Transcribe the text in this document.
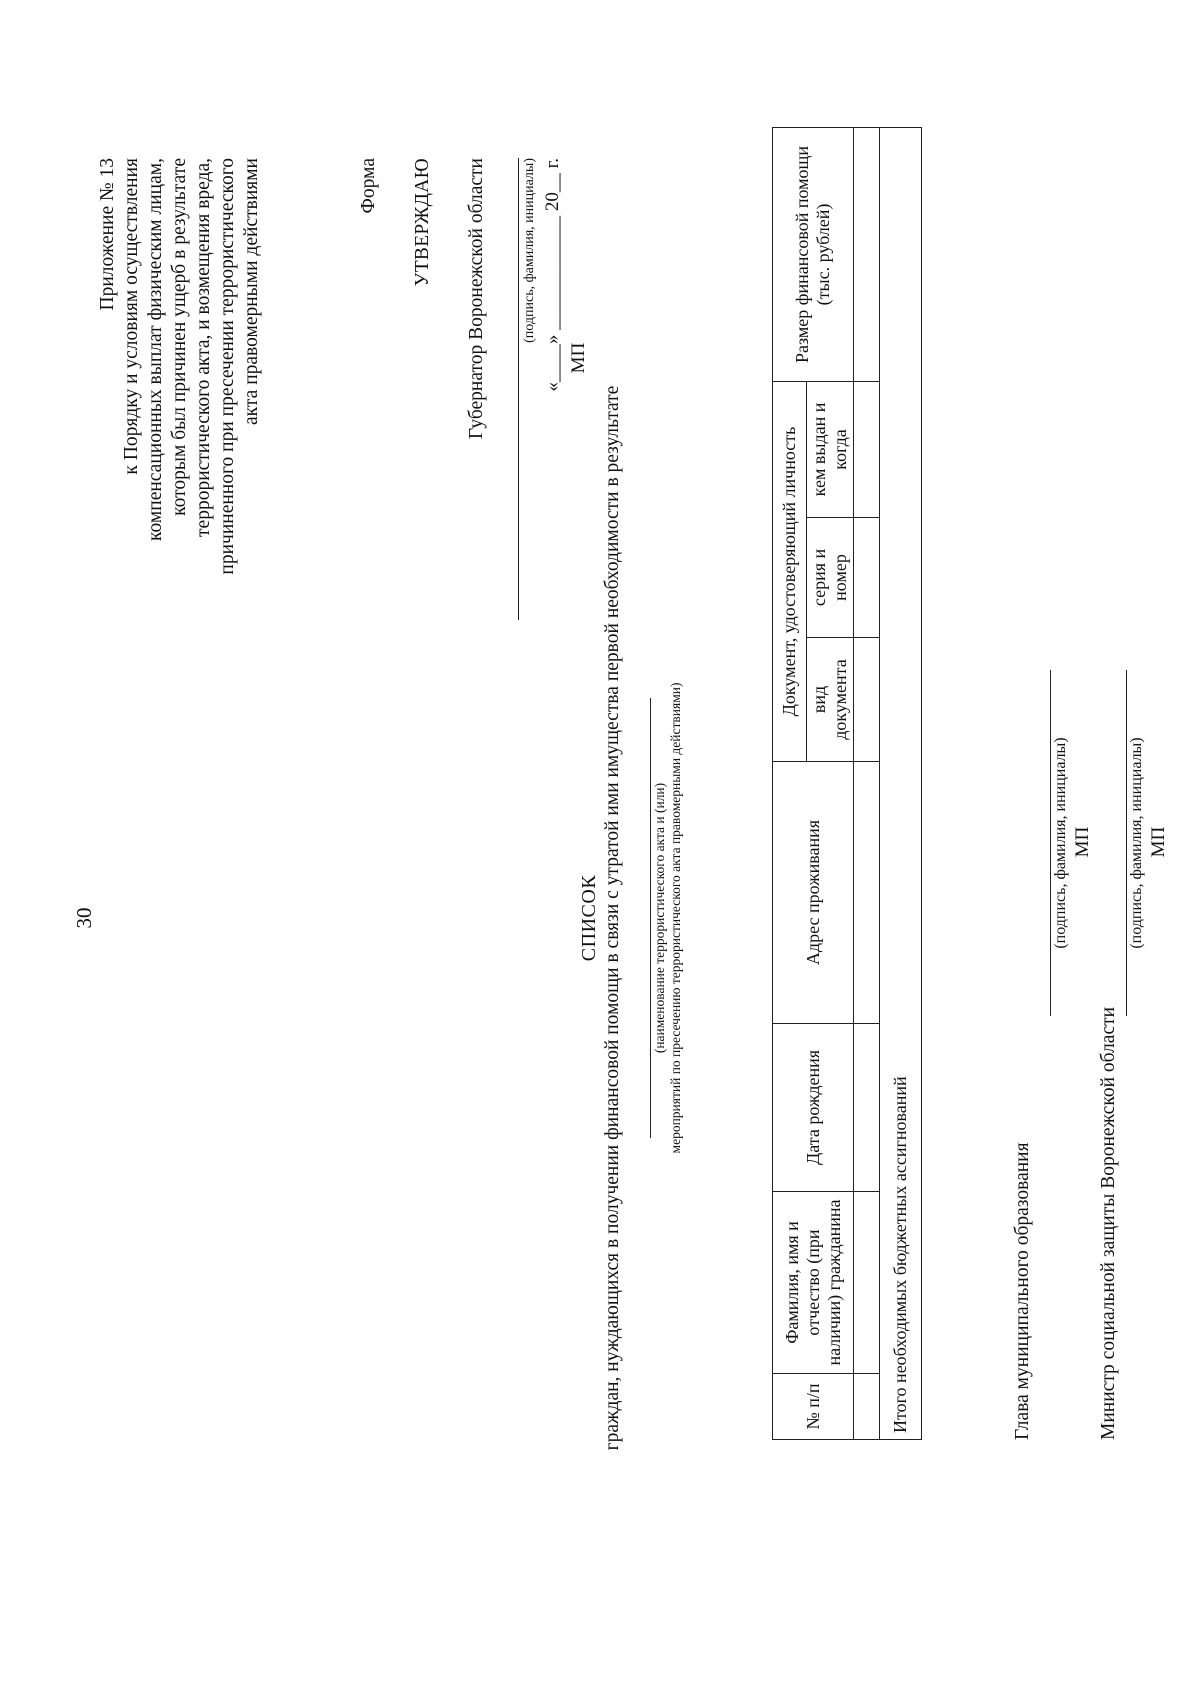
30
Приложение № 13 к Порядку и условиям осуществления компенсационных выплат физическим лицам, которым был причинен ущерб в результате террористического акта, и возмещения вреда, причиненного при пресечении террористического акта правомерными действиями	Форма УТВЕРЖДАЮ Губернатор Воронежской области	(подпись, фамилия, инициалы) «____» ____________ 20__ г. МП
СПИСОК граждан, нуждающихся в получении финансовой помощи в связи с утратой ими имущества первой необходимости в результате (наименование террористического акта и (или) мероприятий по пресечению террористического акта правомерными действиями)
№ п/п	Фамилия, имя и отчество (при наличии) гражданина	Дата рождения	Адрес проживания	Документ, удостоверяющий личность			Размер финансовой помощи (тыс. рублей)
				вид документа	серия и номер	кем выдан и когда	

Итого необходимых бюджетных ассигнований								Глава муниципального образования
(подпись, фамилия, инициалы) МП
Министр социальной защиты Воронежской области
(подпись, фамилия, инициалы) МП
